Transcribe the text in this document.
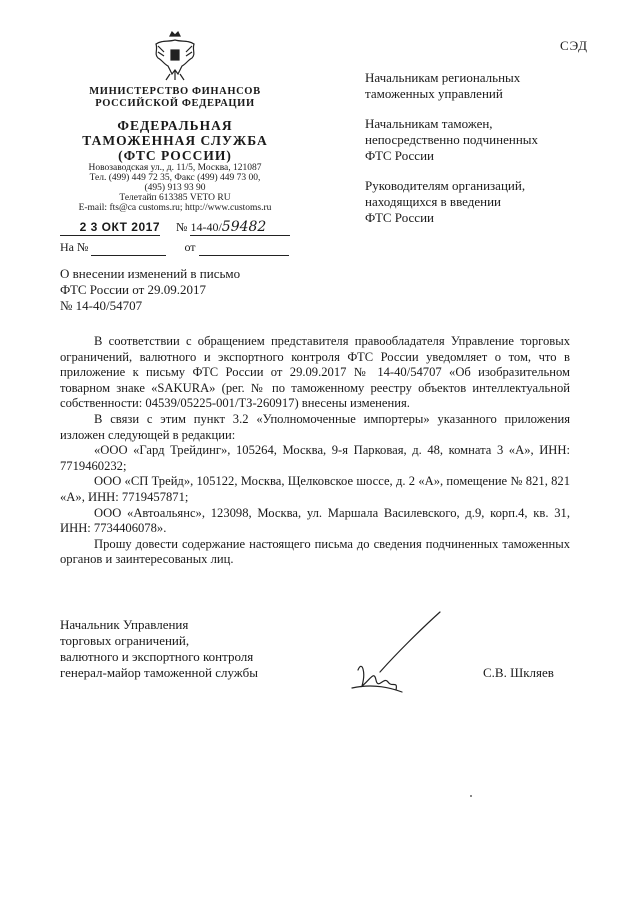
СЭД
МИНИСТЕРСТВО ФИНАНСОВ
РОССИЙСКОЙ ФЕДЕРАЦИИ
ФЕДЕРАЛЬНАЯ
ТАМОЖЕННАЯ СЛУЖБА
(ФТС РОССИИ)
Новозаводская ул., д. 11/5, Москва, 121087
Тел. (499) 449 72 35, Факс (499) 449 73 00,
(495) 913 93 90
Телетайп 613385 VETO RU
E-mail: fts@ca customs.ru; http://www.customs.ru
2 3 ОКТ 2017 № 14-40/59482
На №	от
Начальникам региональных
таможенных управлений
Начальникам таможен,
непосредственно подчиненных
ФТС России
Руководителям организаций,
находящихся в введении
ФТС России
О внесении изменений в письмо
ФТС России от 29.09.2017
№ 14-40/54707

В соответствии с обращением представителя правообладателя Управление торговых ограничений, валютного и экспортного контроля ФТС России уведомляет о том, что в приложение к письму ФТС России от 29.09.2017 № 14-40/54707 «Об изобразительном товарном знаке «SAKURA» (рег. № по таможенному реестру объектов интеллектуальной собственности: 04539/05225-001/ТЗ-260917) внесены изменения.

В связи с этим пункт 3.2 «Уполномоченные импортеры» указанного приложения изложен следующей в редакции:

«ООО «Гард Трейдинг», 105264, Москва, 9-я Парковая, д. 48, комната 3 «А», ИНН: 7719460232;

ООО «СП Трейд», 105122, Москва, Щелковское шоссе, д. 2 «А», помещение № 821, 821 «А», ИНН: 7719457871;

ООО «Автоальянс», 123098, Москва, ул. Маршала Василевского, д.9, корп.4, кв. 31, ИНН: 7734406078».

Прошу довести содержание настоящего письма до сведения подчиненных таможенных органов и заинтересованых лиц.

Начальник Управления
торговых ограничений,
валютного и экспортного контроля
генерал-майор таможенной службы	С.В. Шкляев
